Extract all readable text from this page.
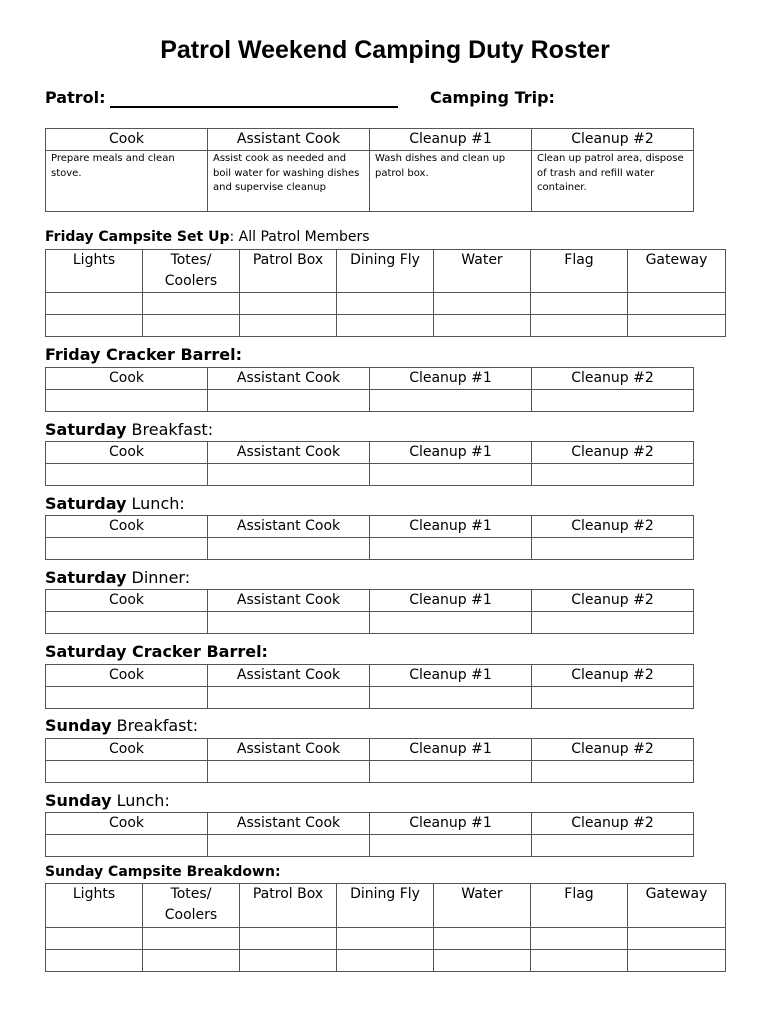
Patrol Weekend Camping Duty Roster
Patrol:	Camping Trip:
Cook	Assistant Cook	Cleanup #1	Cleanup #2
Prepare meals and clean stove.	Assist cook as needed and boil water for washing dishes and supervise cleanup	Wash dishes and clean up patrol box.	Clean up patrol area, dispose of trash and refill water container.
Friday Campsite Set Up: All Patrol Members
Lights	Totes/ Coolers	Patrol Box	Dining Fly	Water	Flag	Gateway

Friday Cracker Barrel:
Cook	Assistant Cook	Cleanup #1	Cleanup #2

Saturday Breakfast:
Cook	Assistant Cook	Cleanup #1	Cleanup #2

Saturday Lunch:
Cook	Assistant Cook	Cleanup #1	Cleanup #2

Saturday Dinner:
Cook	Assistant Cook	Cleanup #1	Cleanup #2

Saturday Cracker Barrel:
Cook	Assistant Cook	Cleanup #1	Cleanup #2

Sunday Breakfast:
Cook	Assistant Cook	Cleanup #1	Cleanup #2

Sunday Lunch:
Cook	Assistant Cook	Cleanup #1	Cleanup #2

Sunday Campsite Breakdown:
Lights	Totes/ Coolers	Patrol Box	Dining Fly	Water	Flag	Gateway
